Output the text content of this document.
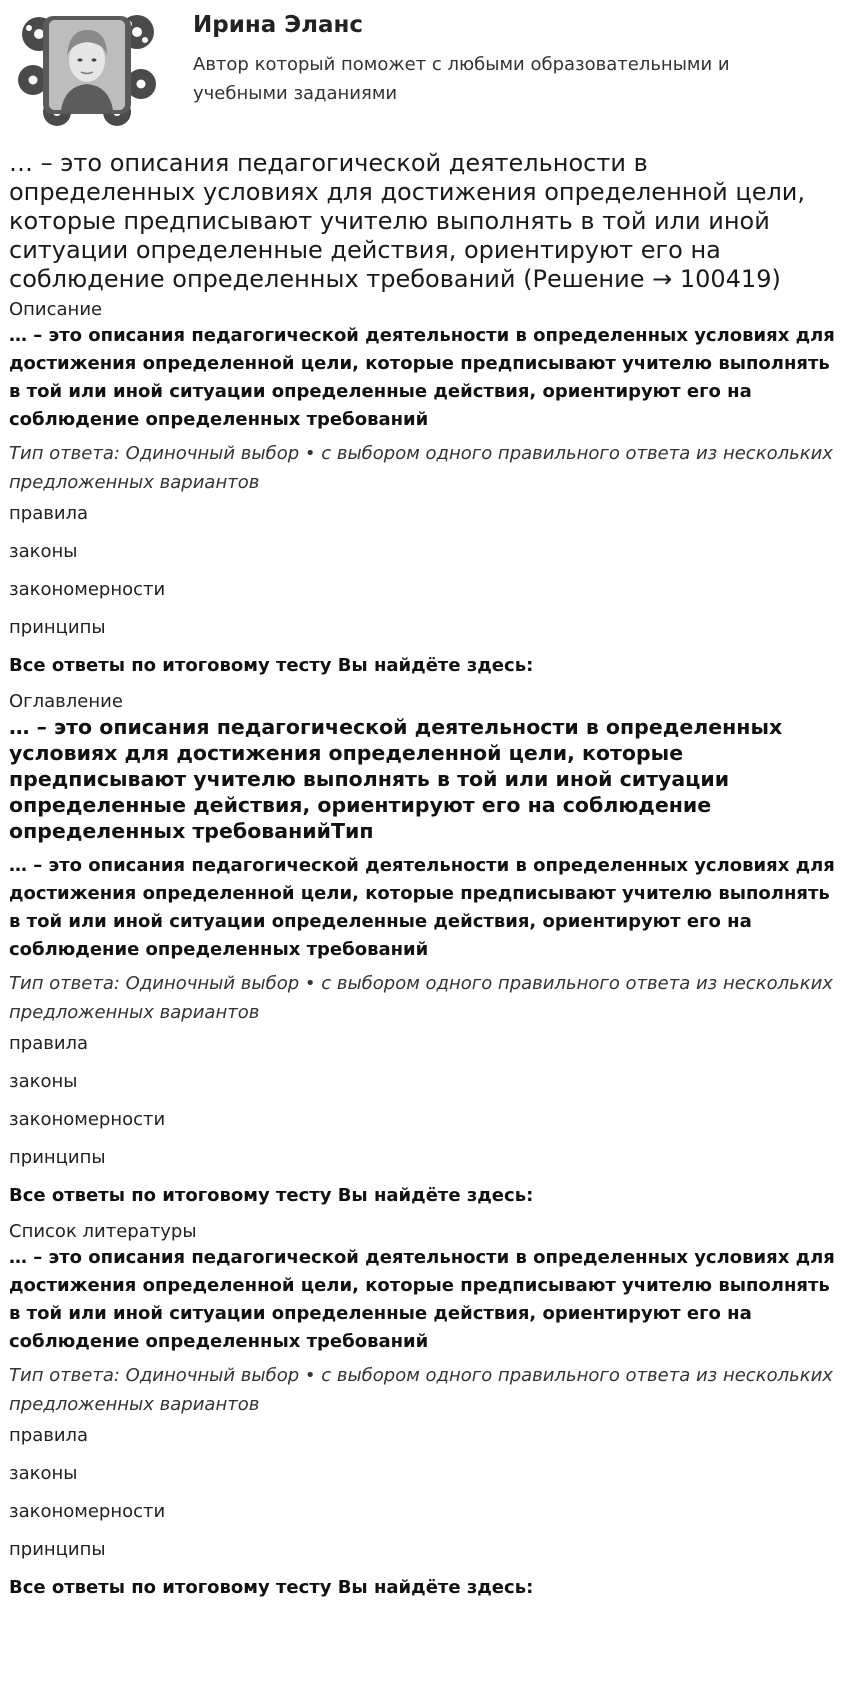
Ирина Эланс

Автор который поможет с любыми образовательными и учебными заданиями

… – это описания педагогической деятельности в определенных условиях для достижения определенной цели, которые предписывают учителю выполнять в той или иной ситуации определенные действия, ориентируют его на соблюдение определенных требований (Решение → 100419)

Описание

… – это описания педагогической деятельности в определенных условиях для достижения определенной цели, которые предписывают учителю выполнять в той или иной ситуации определенные действия, ориентируют его на соблюдение определенных требований

Тип ответа: Одиночный выбор • с выбором одного правильного ответа из нескольких предложенных вариантов

правила

законы

закономерности

принципы

Все ответы по итоговому тесту Вы найдёте здесь:

Оглавление

… – это описания педагогической деятельности в определенных условиях для достижения определенной цели, которые предписывают учителю выполнять в той или иной ситуации определенные действия, ориентируют его на соблюдение определенных требованийТип

… – это описания педагогической деятельности в определенных условиях для достижения определенной цели, которые предписывают учителю выполнять в той или иной ситуации определенные действия, ориентируют его на соблюдение определенных требований

Тип ответа: Одиночный выбор • с выбором одного правильного ответа из нескольких предложенных вариантов

правила

законы

закономерности

принципы

Все ответы по итоговому тесту Вы найдёте здесь:

Список литературы

… – это описания педагогической деятельности в определенных условиях для достижения определенной цели, которые предписывают учителю выполнять в той или иной ситуации определенные действия, ориентируют его на соблюдение определенных требований

Тип ответа: Одиночный выбор • с выбором одного правильного ответа из нескольких предложенных вариантов

правила

законы

закономерности

принципы

Все ответы по итоговому тесту Вы найдёте здесь:
